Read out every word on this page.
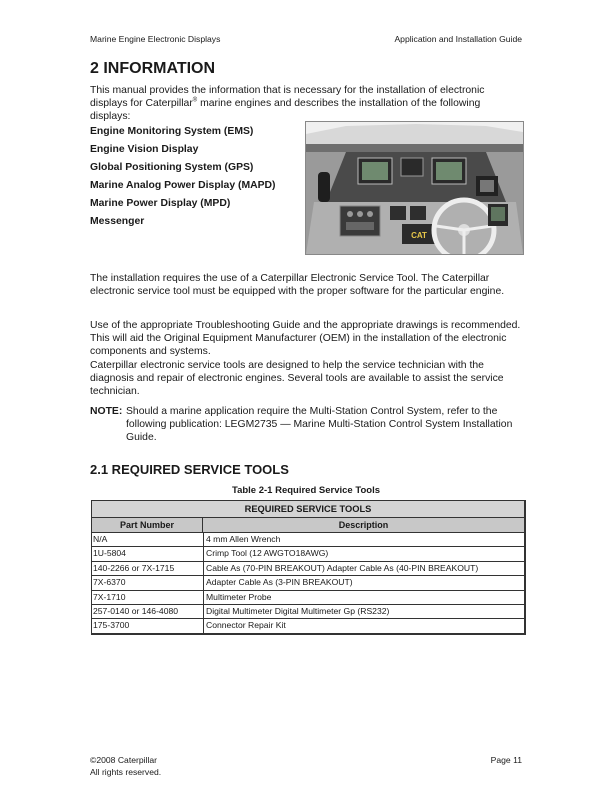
Marine Engine Electronic Displays	Application and Installation Guide
2 INFORMATION

This manual provides the information that is necessary for the installation of electronic displays for Caterpillar® marine engines and describes the installation of the following displays:

Engine Monitoring System (EMS)
Engine Vision Display
Global Positioning System (GPS)
Marine Analog Power Display (MAPD)
Marine Power Display (MPD)
Messenger
CAT

The installation requires the use of a Caterpillar Electronic Service Tool. The Caterpillar electronic service tool must be equipped with the proper software for the particular engine.

Use of the appropriate Troubleshooting Guide and the appropriate drawings is recommended. This will aid the Original Equipment Manufacturer (OEM) in the installation of the electronic components and systems.

Caterpillar electronic service tools are designed to help the service technician with the diagnosis and repair of electronic engines. Several tools are available to assist the service technician.

NOTE: Should a marine application require the Multi-Station Control System, refer to the following publication: LEGM2735 — Marine Multi-Station Control System Installation Guide.
2.1 REQUIRED SERVICE TOOLS
Table 2-1 Required Service Tools
REQUIRED SERVICE TOOLS
Part Number	Description
N/A	4 mm Allen Wrench
1U-5804	Crimp Tool (12 AWGTO18AWG)
140-2266 or 7X-1715	Cable As (70-PIN BREAKOUT) Adapter Cable As (40-PIN BREAKOUT)
7X-6370	Adapter Cable As (3-PIN BREAKOUT)
7X-1710	Multimeter Probe
257-0140 or 146-4080	Digital Multimeter Digital Multimeter Gp (RS232)
175-3700	Connector Repair Kit
©2008 Caterpillar
All rights reserved.
Page 11
